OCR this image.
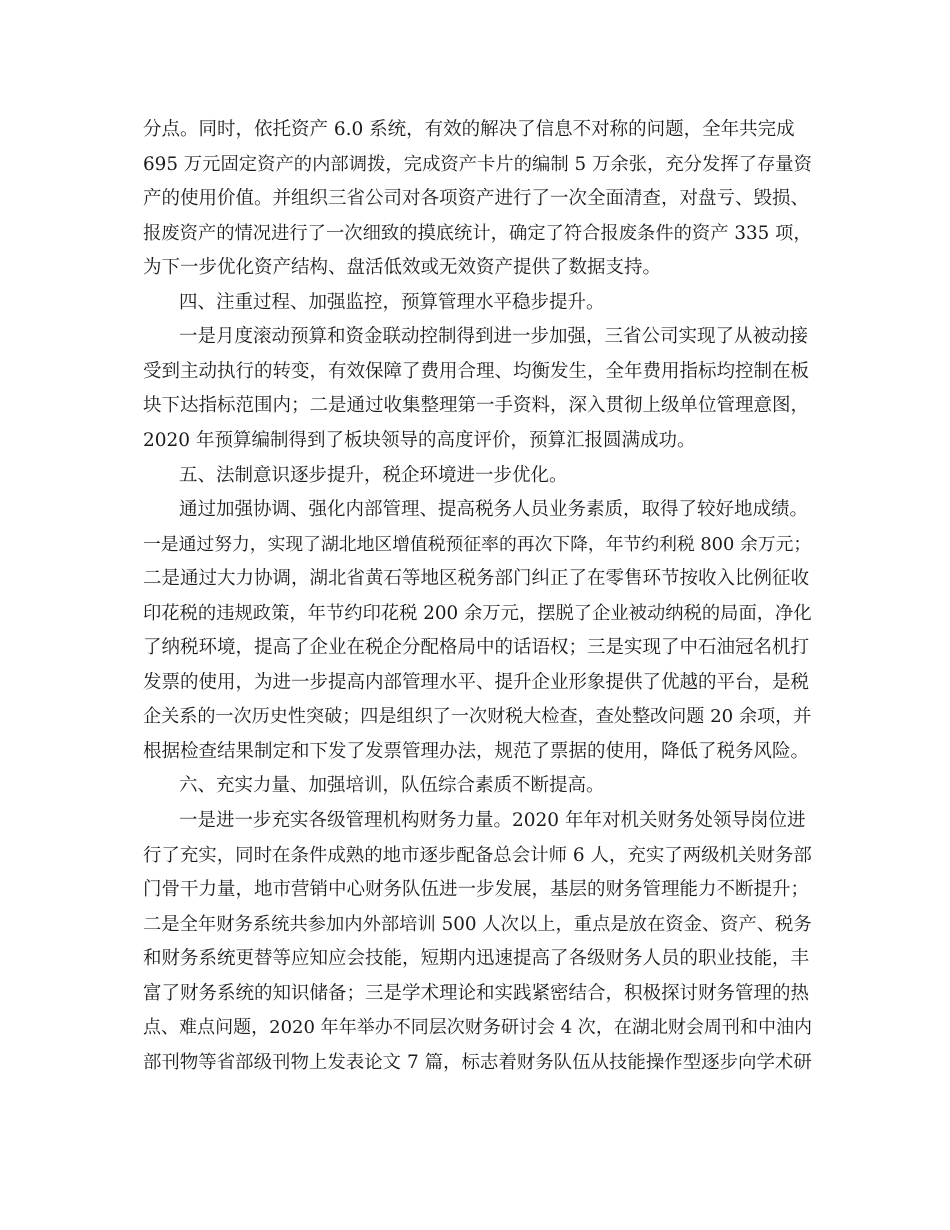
分点。同时，依托资产 6.0 系统，有效的解决了信息不对称的问题，全年共完成
695 万元固定资产的内部调拨，完成资产卡片的编制 5 万余张，充分发挥了存量资
产的使用价值。并组织三省公司对各项资产进行了一次全面清查，对盘亏、毁损、
报废资产的情况进行了一次细致的摸底统计，确定了符合报废条件的资产 335 项，
为下一步优化资产结构、盘活低效或无效资产提供了数据支持。
四、注重过程、加强监控，预算管理水平稳步提升。
一是月度滚动预算和资金联动控制得到进一步加强，三省公司实现了从被动接
受到主动执行的转变，有效保障了费用合理、均衡发生，全年费用指标均控制在板
块下达指标范围内；二是通过收集整理第一手资料，深入贯彻上级单位管理意图，
2020 年预算编制得到了板块领导的高度评价，预算汇报圆满成功。
五、法制意识逐步提升，税企环境进一步优化。
通过加强协调、强化内部管理、提高税务人员业务素质，取得了较好地成绩。
一是通过努力，实现了湖北地区增值税预征率的再次下降，年节约利税 800 余万元；
二是通过大力协调，湖北省黄石等地区税务部门纠正了在零售环节按收入比例征收
印花税的违规政策，年节约印花税 200 余万元，摆脱了企业被动纳税的局面，净化
了纳税环境，提高了企业在税企分配格局中的话语权；三是实现了中石油冠名机打
发票的使用，为进一步提高内部管理水平、提升企业形象提供了优越的平台，是税
企关系的一次历史性突破；四是组织了一次财税大检查，查处整改问题 20 余项，并
根据检查结果制定和下发了发票管理办法，规范了票据的使用，降低了税务风险。
六、充实力量、加强培训，队伍综合素质不断提高。
一是进一步充实各级管理机构财务力量。2020 年年对机关财务处领导岗位进
行了充实，同时在条件成熟的地市逐步配备总会计师 6 人，充实了两级机关财务部
门骨干力量，地市营销中心财务队伍进一步发展，基层的财务管理能力不断提升；
二是全年财务系统共参加内外部培训 500 人次以上，重点是放在资金、资产、税务
和财务系统更替等应知应会技能，短期内迅速提高了各级财务人员的职业技能，丰
富了财务系统的知识储备；三是学术理论和实践紧密结合，积极探讨财务管理的热
点、难点问题，2020 年年举办不同层次财务研讨会 4 次，在湖北财会周刊和中油内
部刊物等省部级刊物上发表论文 7 篇，标志着财务队伍从技能操作型逐步向学术研
